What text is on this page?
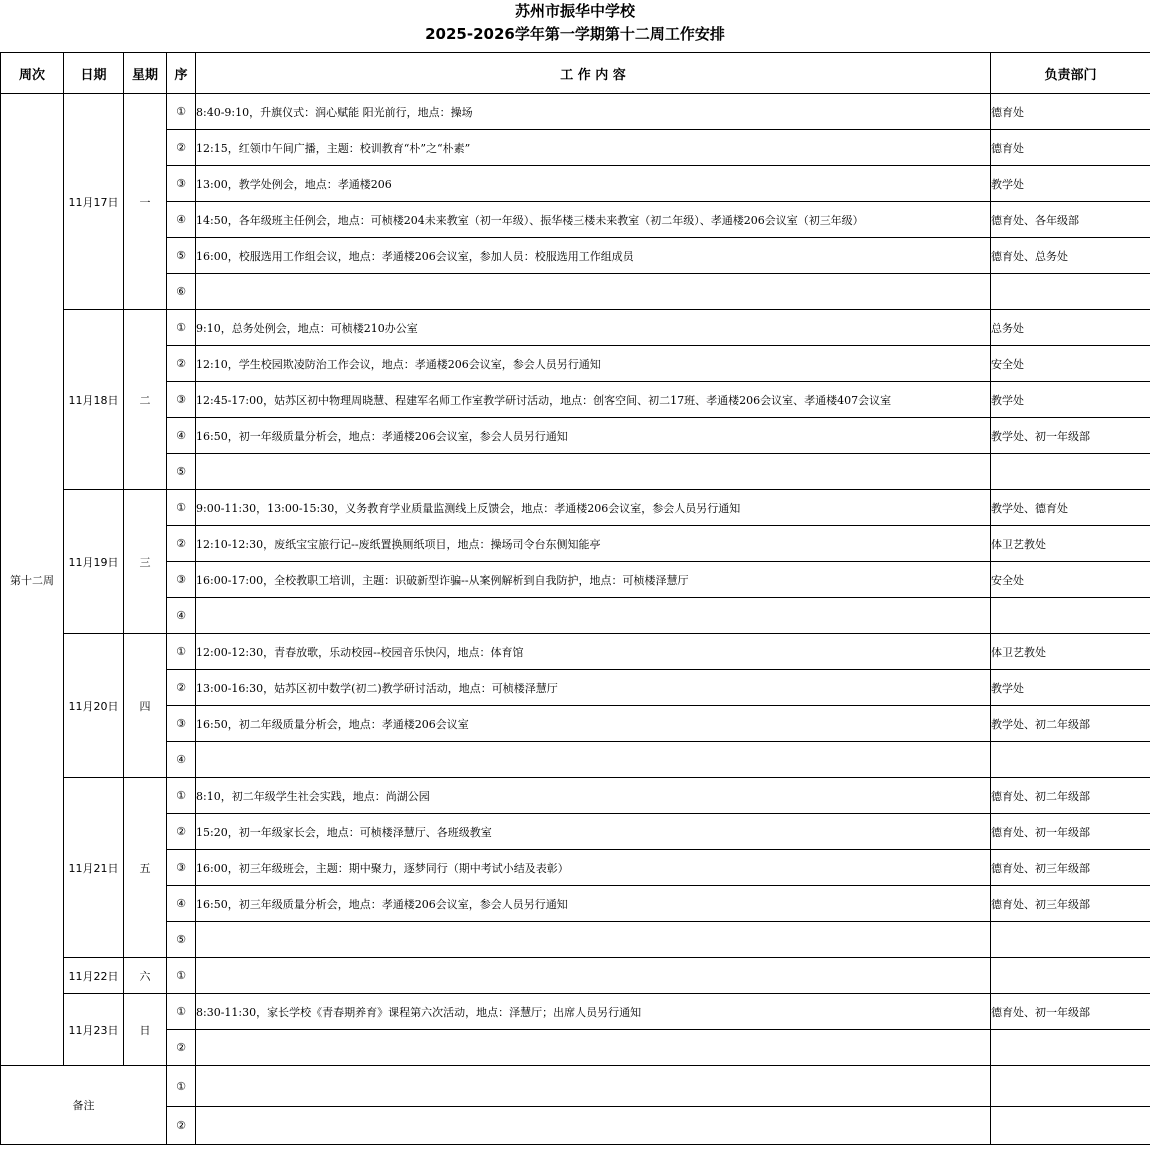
苏州市振华中学校
2025-2026学年第一学期第十二周工作安排
周次	日期	星期	序	工 作 内 容	负责部门
第十二周	11月17日	一	①	8:40-9:10，升旗仪式：润心赋能 阳光前行，地点：操场	德育处
			②	12:15，红领巾午间广播，主题：校训教育“朴”之“朴素”	德育处
			③	13:00，教学处例会，地点：孝通楼206	教学处
			④	14:50，各年级班主任例会，地点：可桢楼204未来教室（初一年级）、振华楼三楼未来教室（初二年级）、孝通楼206会议室（初三年级）	德育处、各年级部
			⑤	16:00，校服选用工作组会议，地点：孝通楼206会议室，参加人员：校服选用工作组成员	德育处、总务处
			⑥		
	11月18日	二	①	9:10，总务处例会，地点：可桢楼210办公室	总务处
			②	12:10，学生校园欺凌防治工作会议，地点：孝通楼206会议室，参会人员另行通知	安全处
			③	12:45-17:00，姑苏区初中物理周晓慧、程建军名师工作室教学研讨活动，地点：创客空间、初二17班、孝通楼206会议室、孝通楼407会议室	教学处
			④	16:50，初一年级质量分析会，地点：孝通楼206会议室，参会人员另行通知	教学处、初一年级部
			⑤		
	11月19日	三	①	9:00-11:30，13:00-15:30，义务教育学业质量监测线上反馈会，地点：孝通楼206会议室，参会人员另行通知	教学处、德育处
			②	12:10-12:30，废纸宝宝旅行记--废纸置换厕纸项目，地点：操场司令台东侧知能亭	体卫艺教处
			③	16:00-17:00，全校教职工培训，主题：识破新型诈骗--从案例解析到自我防护，地点：可桢楼泽慧厅	安全处
			④		
	11月20日	四	①	12:00-12:30，青春放歌，乐动校园--校园音乐快闪，地点：体育馆	体卫艺教处
			②	13:00-16:30，姑苏区初中数学(初二)教学研讨活动，地点：可桢楼泽慧厅	教学处
			③	16:50，初二年级质量分析会，地点：孝通楼206会议室	教学处、初二年级部
			④		
	11月21日	五	①	8:10，初二年级学生社会实践，地点：尚湖公园	德育处、初二年级部
			②	15:20，初一年级家长会，地点：可桢楼泽慧厅、各班级教室	德育处、初一年级部
			③	16:00，初三年级班会，主题：期中聚力，逐梦同行（期中考试小结及表彰）	德育处、初三年级部
			④	16:50，初三年级质量分析会，地点：孝通楼206会议室，参会人员另行通知	德育处、初三年级部
			⑤		
	11月22日	六	①		
	11月23日	日	①	8:30-11:30，家长学校《青春期养育》课程第六次活动，地点：泽慧厅；出席人员另行通知	德育处、初一年级部
			②		
备注			①		
			②		
